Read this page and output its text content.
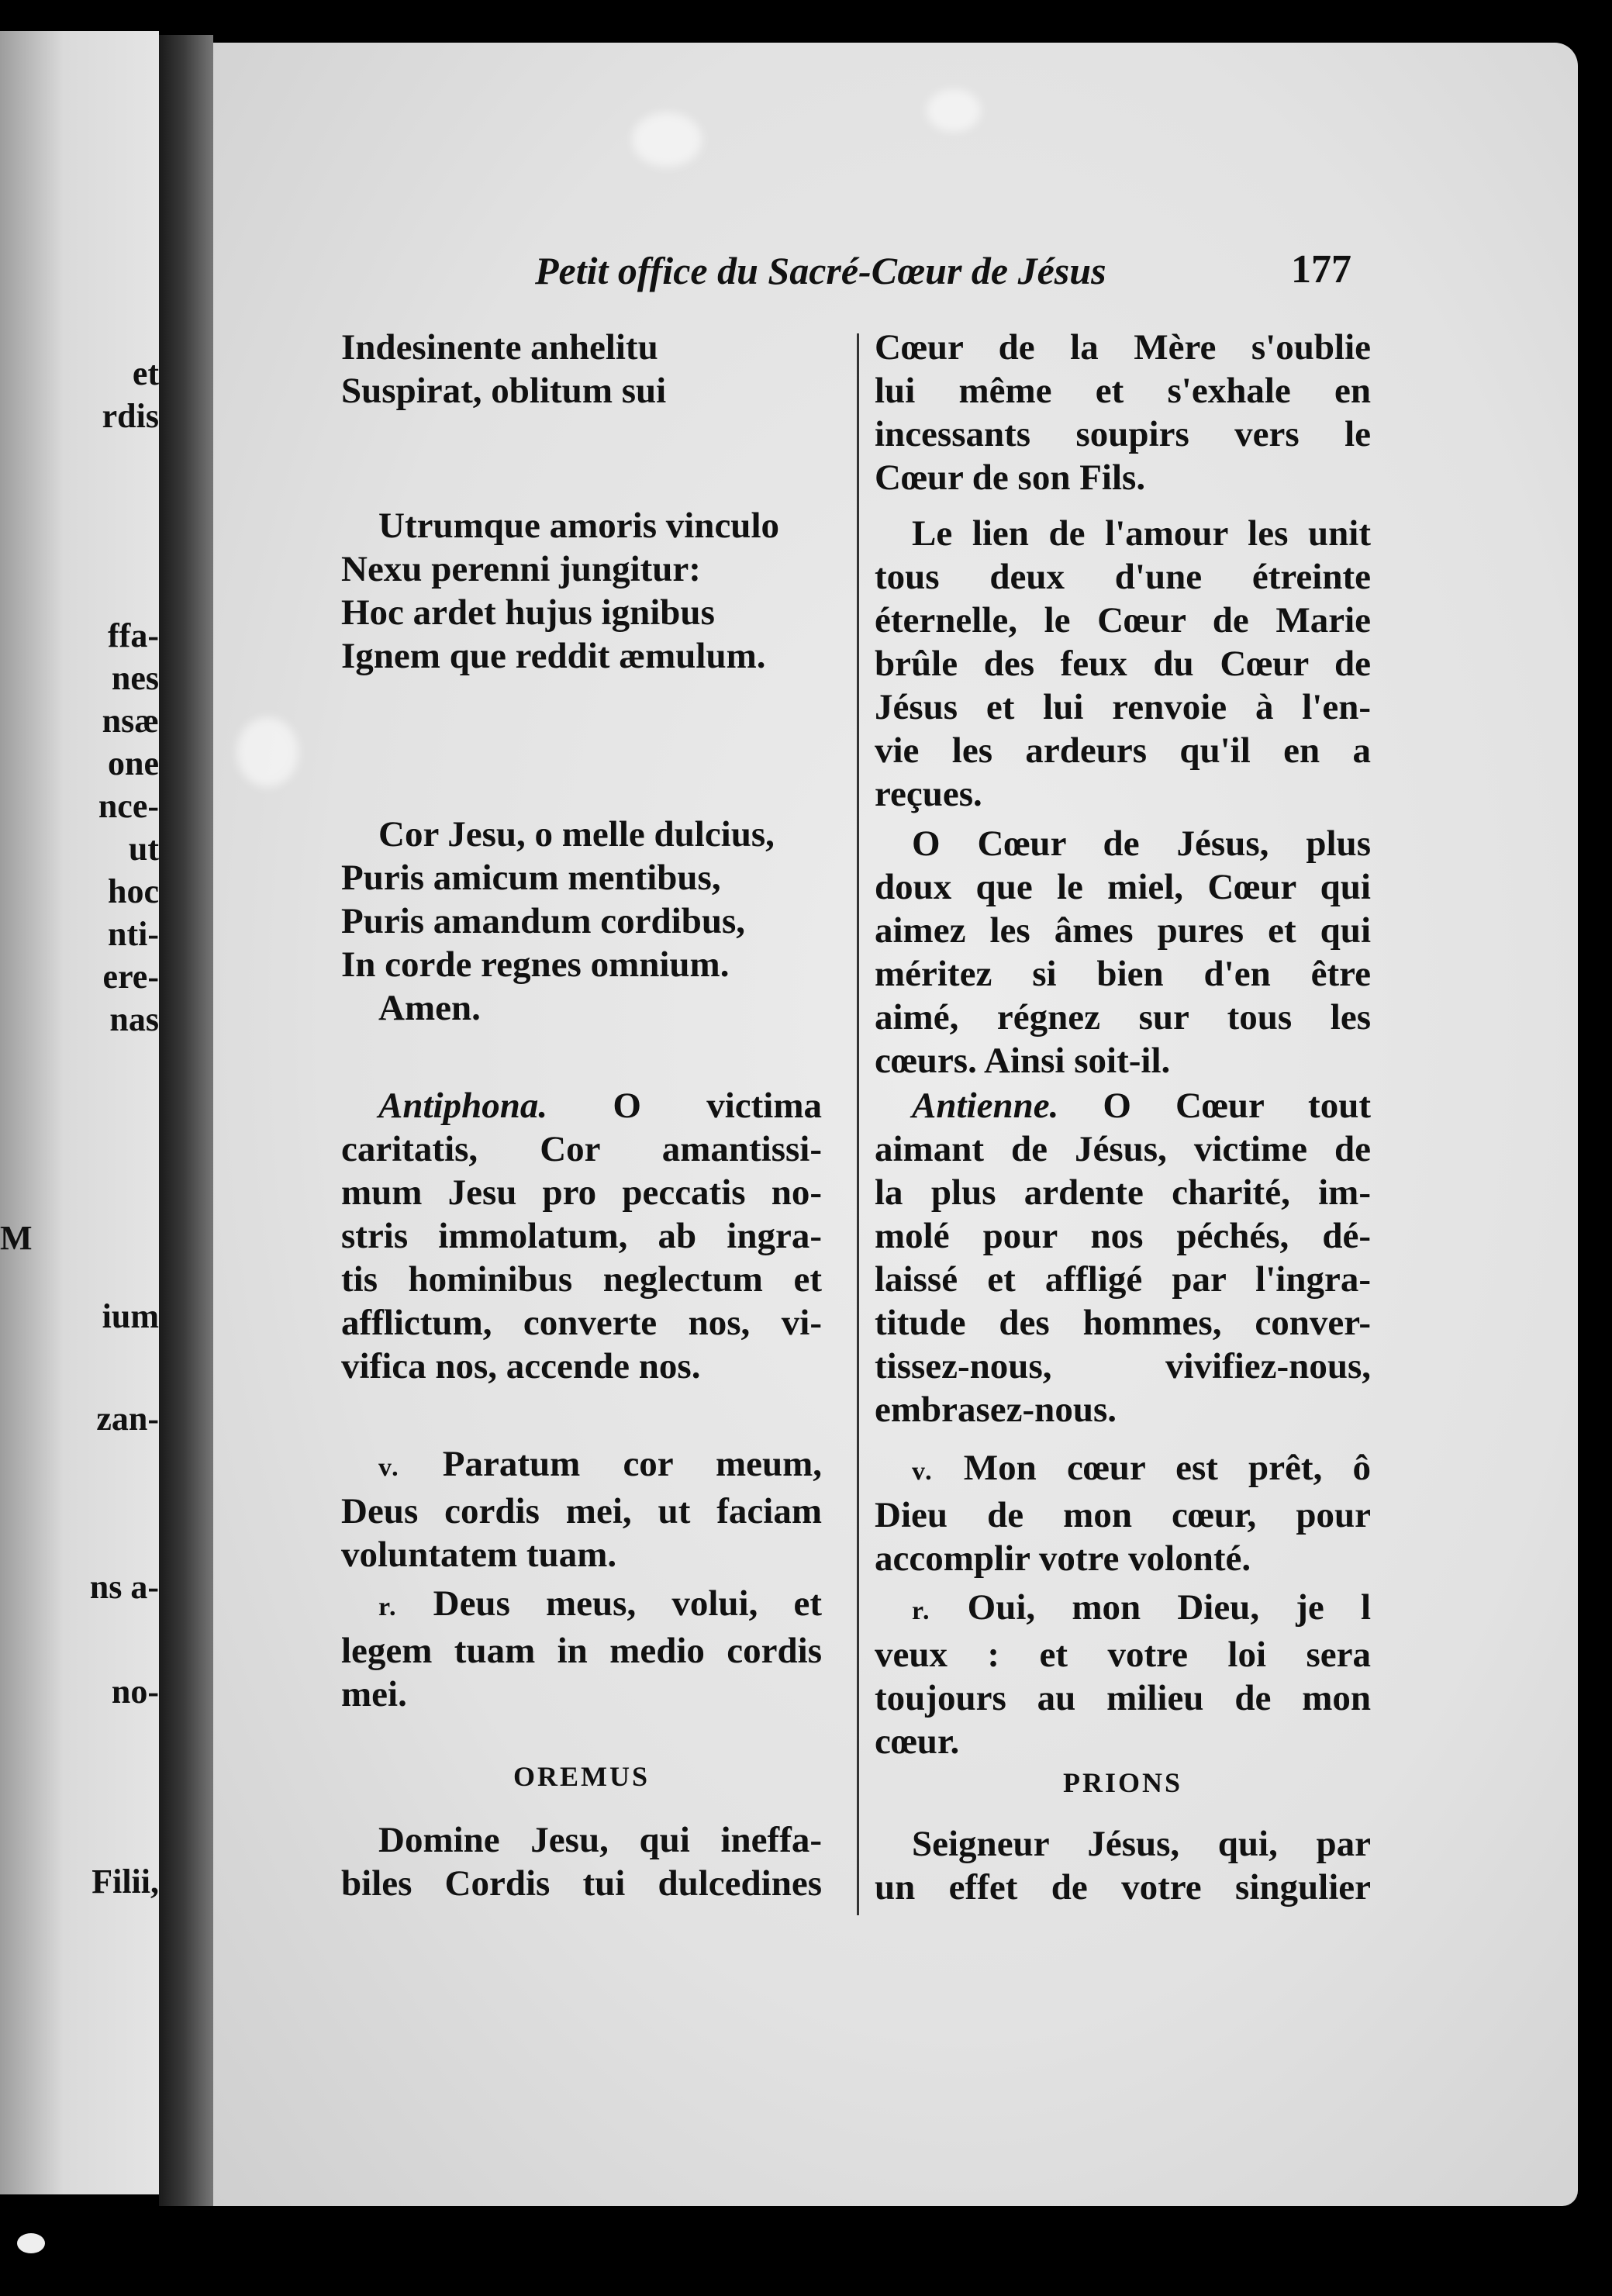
et
rdis
ffa-
nes
nsæ
one
nce-
ut
hoc
nti-
ere-
nas
M
ium
zan-
ns a-
no-
Filii,
Petit office du Sacré-Cœur de Jésus	177
Indesinente anhelitu
Suspirat, oblitum sui
Utrumque amoris vinculo
Nexu perenni jungitur:
Hoc ardet hujus ignibus
Ignem que reddit æmulum.
Cor Jesu, o melle dulcius,
Puris amicum mentibus,
Puris amandum cordibus,
In corde regnes omnium.
Amen.
Antiphona. O victima
caritatis, Cor amantissi-
mum Jesu pro peccatis no-
stris immolatum, ab ingra-
tis hominibus neglectum et
afflictum, converte nos, vi-
vifica nos, accende nos.
v. Paratum cor meum,
Deus cordis mei, ut faciam
voluntatem tuam.
r. Deus meus, volui, et
legem tuam in medio cordis
mei.
OREMUS
Domine Jesu, qui ineffa-
biles Cordis tui dulcedines
Cœur de la Mère s'oublie
lui même et s'exhale en
incessants soupirs vers le
Cœur de son Fils.
Le lien de l'amour les unit
tous deux d'une étreinte
éternelle, le Cœur de Marie
brûle des feux du Cœur de
Jésus et lui renvoie à l'en-
vie les ardeurs qu'il en a
reçues.
O Cœur de Jésus, plus
doux que le miel, Cœur qui
aimez les âmes pures et qui
méritez si bien d'en être
aimé, régnez sur tous les
cœurs. Ainsi soit-il.
Antienne. O Cœur tout
aimant de Jésus, victime de
la plus ardente charité, im-
molé pour nos péchés, dé-
laissé et affligé par l'ingra-
titude des hommes, conver-
tissez-nous, vivifiez-nous,
embrasez-nous.
v. Mon cœur est prêt, ô
Dieu de mon cœur, pour
accomplir votre volonté.
r. Oui, mon Dieu, je l
veux : et votre loi sera
toujours au milieu de mon
cœur.
PRIONS
Seigneur Jésus, qui, par
un effet de votre singulier
